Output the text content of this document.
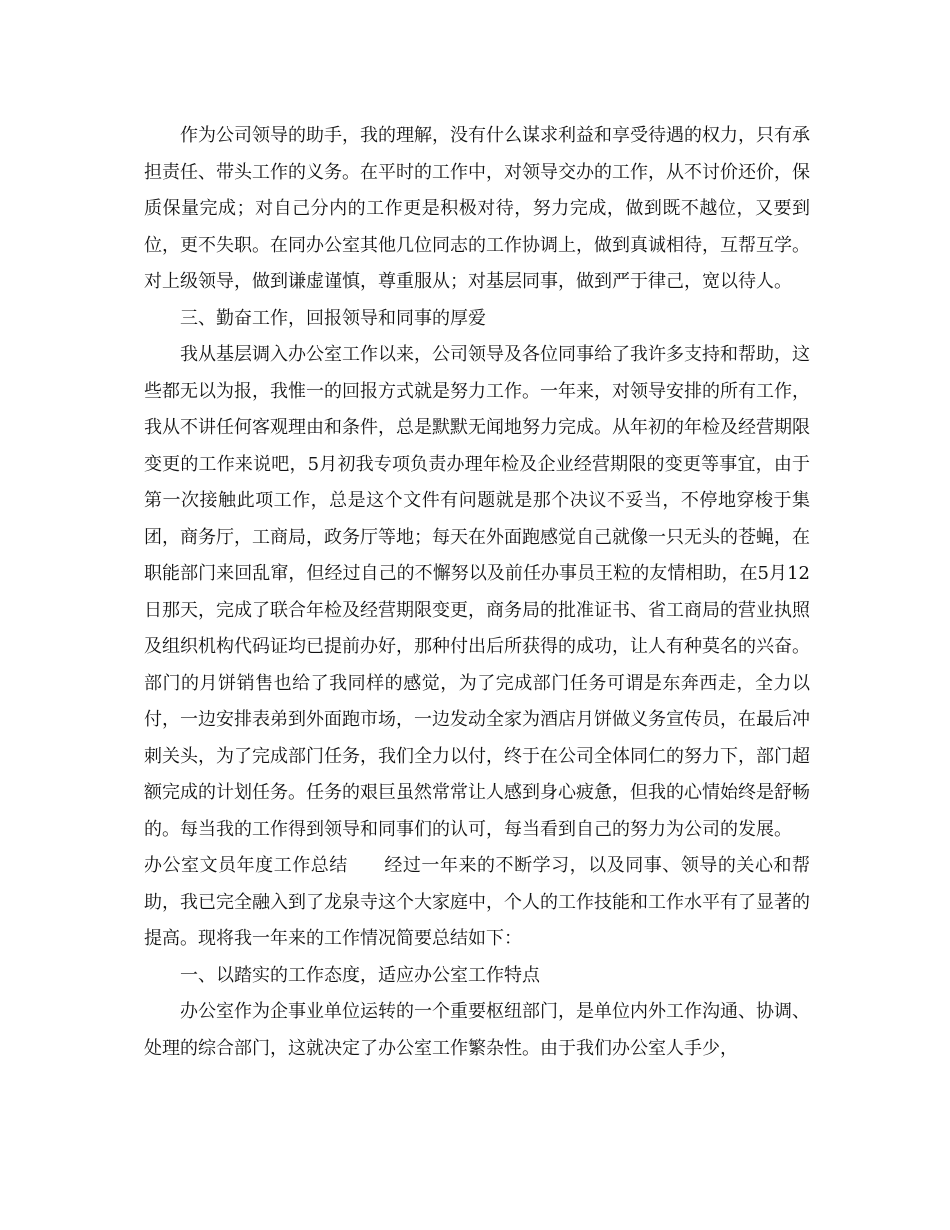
作为公司领导的助手，我的理解，没有什么谋求利益和享受待遇的权力，只有承担责任、带头工作的义务。在平时的工作中，对领导交办的工作，从不讨价还价，保质保量完成；对自己分内的工作更是积极对待，努力完成，做到既不越位，又要到位，更不失职。在同办公室其他几位同志的工作协调上，做到真诚相待，互帮互学。对上级领导，做到谦虚谨慎，尊重服从；对基层同事，做到严于律己，宽以待人。

三、勤奋工作，回报领导和同事的厚爱

我从基层调入办公室工作以来，公司领导及各位同事给了我许多支持和帮助，这些都无以为报，我惟一的回报方式就是努力工作。一年来，对领导安排的所有工作，我从不讲任何客观理由和条件，总是默默无闻地努力完成。从年初的年检及经营期限变更的工作来说吧，5月初我专项负责办理年检及企业经营期限的变更等事宜，由于第一次接触此项工作，总是这个文件有问题就是那个决议不妥当，不停地穿梭于集团，商务厅，工商局，政务厅等地；每天在外面跑感觉自己就像一只无头的苍蝇，在职能部门来回乱窜，但经过自己的不懈努以及前任办事员王粒的友情相助，在5月12日那天，完成了联合年检及经营期限变更，商务局的批准证书、省工商局的营业执照及组织机构代码证均已提前办好，那种付出后所获得的成功，让人有种莫名的兴奋。部门的月饼销售也给了我同样的感觉，为了完成部门任务可谓是东奔西走，全力以付，一边安排表弟到外面跑市场，一边发动全家为酒店月饼做义务宣传员，在最后冲刺关头，为了完成部门任务，我们全力以付，终于在公司全体同仁的努力下，部门超额完成的计划任务。任务的艰巨虽然常常让人感到身心疲惫，但我的心情始终是舒畅的。每当我的工作得到领导和同事们的认可，每当看到自己的努力为公司的发展。

办公室文员年度工作总结 经过一年来的不断学习，以及同事、领导的关心和帮助，我已完全融入到了龙泉寺这个大家庭中，个人的工作技能和工作水平有了显著的提高。现将我一年来的工作情况简要总结如下：

一、以踏实的工作态度，适应办公室工作特点

办公室作为企事业单位运转的一个重要枢纽部门，是单位内外工作沟通、协调、处理的综合部门，这就决定了办公室工作繁杂性。由于我们办公室人手少，
